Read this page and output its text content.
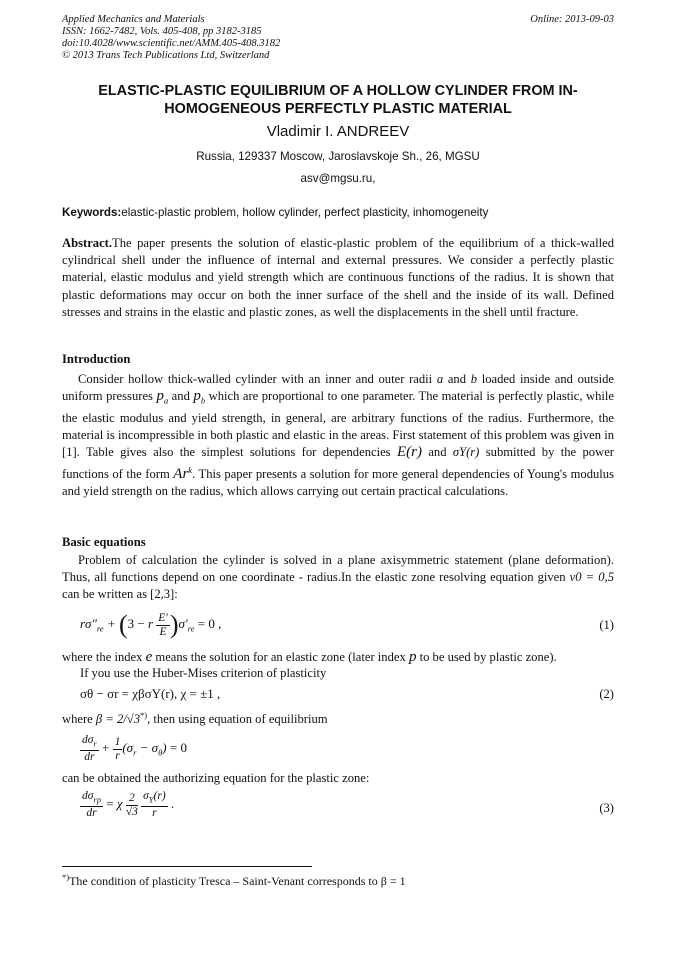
Applied Mechanics and Materials
ISSN: 1662-7482, Vols. 405-408, pp 3182-3185
doi:10.4028/www.scientific.net/AMM.405-408.3182
© 2013 Trans Tech Publications Ltd, Switzerland
Online: 2013-09-03
ELASTIC-PLASTIC EQUILIBRIUM OF A HOLLOW CYLINDER FROM IN-
HOMOGENEOUS PERFECTLY PLASTIC MATERIAL
Vladimir I. ANDREEV
Russia, 129337 Moscow, Jaroslavskoje Sh., 26, MGSU
asv@mgsu.ru,
Keywords:elastic-plastic problem, hollow cylinder, perfect plasticity, inhomogeneity
Abstract.The paper presents the solution of elastic-plastic problem of the equilibrium of a thick-walled cylindrical shell under the influence of internal and external pressures. We consider a perfectly plastic material, elastic modulus and yield strength which are continuous functions of the radius. It is shown that plastic deformations may occur on both the inner surface of the shell and the inside of its wall. Defined stresses and strains in the elastic and plastic zones, as well the displacements in the shell until fracture.
Introduction
Consider hollow thick-walled cylinder with an inner and outer radii a and b loaded inside and outside uniform pressures $p_a$ and $p_b$ which are proportional to one parameter. The material is perfectly plastic, while the elastic modulus and yield strength, in general, are arbitrary functions of the radius. Furthermore, the material is incompressible in both plastic and elastic in the areas. First statement of this problem was given in [1]. Table gives also the simplest solutions for dependencies E(r) and σY(r) submitted by the power functions of the form Ar$^k$. This paper presents a solution for more general dependencies of Young's modulus and yield strength on the radius, which allows carrying out certain practical calculations.
Basic equations
Problem of calculation the cylinder is solved in a plane axisymmetric statement (plane deformation). Thus, all functions depend on one coordinate - radius.In the elastic zone resolving equation given ν0 = 0,5 can be written as [2,3]:
$r\sigma''_{re} + (3 - r \frac{E'}{E} )\sigma'_{re} = 0$ ,	(1)
where the index e means the solution for an elastic zone (later index p to be used by plastic zone).
If you use the Huber-Mises criterion of plasticity
σθ − σr = χβσY(r), χ = ±1 ,	(2)
where β = 2/√3*), then using equation of equilibrium
$\frac{d\sigma_r}{dr} + \frac{1}{r} (\sigma_r - \sigma_\theta) = 0$
can be obtained the authorizing equation for the plastic zone:
$\frac{d\sigma_{rp}}{dr} = \chi \frac{2}{√3}$
$\frac{\sigma_Y(r)}{r}$ .	(3)
*)The condition of plasticity Tresca – Saint-Venant corresponds to β = 1
